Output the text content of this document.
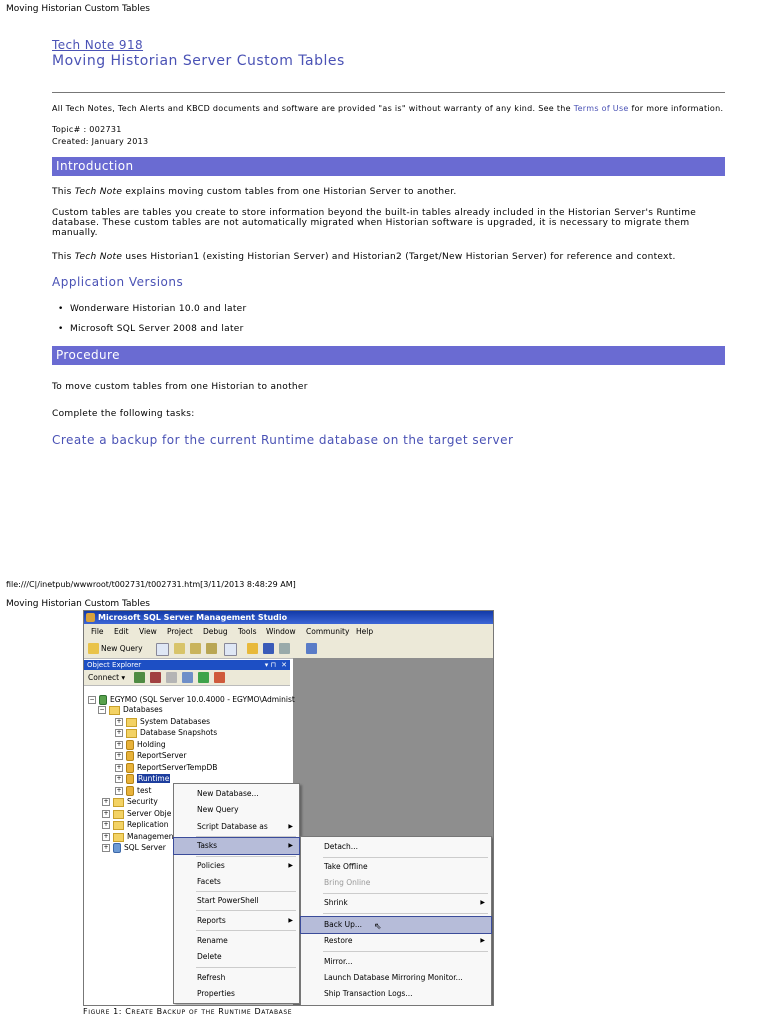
Moving Historian Custom Tables
Tech Note 918
Moving Historian Server Custom Tables
All Tech Notes, Tech Alerts and KBCD documents and software are provided "as is" without warranty of any kind. See the Terms of Use for more information.
Topic# : 002731
Created: January 2013
Introduction
This Tech Note explains moving custom tables from one Historian Server to another.
Custom tables are tables you create to store information beyond the built-in tables already included in the Historian Server's Runtime database. These custom tables are not automatically migrated when Historian software is upgraded, it is necessary to migrate them manually.
This Tech Note uses Historian1 (existing Historian Server) and Historian2 (Target/New Historian Server) for reference and context.
Application Versions
•  Wonderware Historian 10.0 and later
•  Microsoft SQL Server 2008 and later
Procedure
To move custom tables from one Historian to another
Complete the following tasks:
Create a backup for the current Runtime database on the target server
file:///C|/inetpub/wwwroot/t002731/t002731.htm[3/11/2013 8:48:29 AM]
Moving Historian Custom Tables
Microsoft SQL Server Management Studio
File Edit View Project Debug Tools Window Community Help
New Query
Object Explorer	▾ ⊓ ✕
Connect ▾
− EGYMO (SQL Server 10.0.4000 - EGYMO\Administ
− Databases
+ System Databases
+ Database Snapshots
+ Holding
+ ReportServer
+ ReportServerTempDB
+ Runtime
+ test
+ Security
+ Server Obje
+ Replication
+ Managemen
+ SQL Server
New Database...
New Query
Script Database as	▶
Tasks	▶
Policies	▶
Facets
Start PowerShell
Reports	▶
Rename
Delete
Refresh
Properties
Detach...
Take Offline
Bring Online
Shrink	▶
Back Up... ⇖
Restore	▶
Mirror...
Launch Database Mirroring Monitor...
Ship Transaction Logs...
Figure 1: Create Backup of the Runtime Database
